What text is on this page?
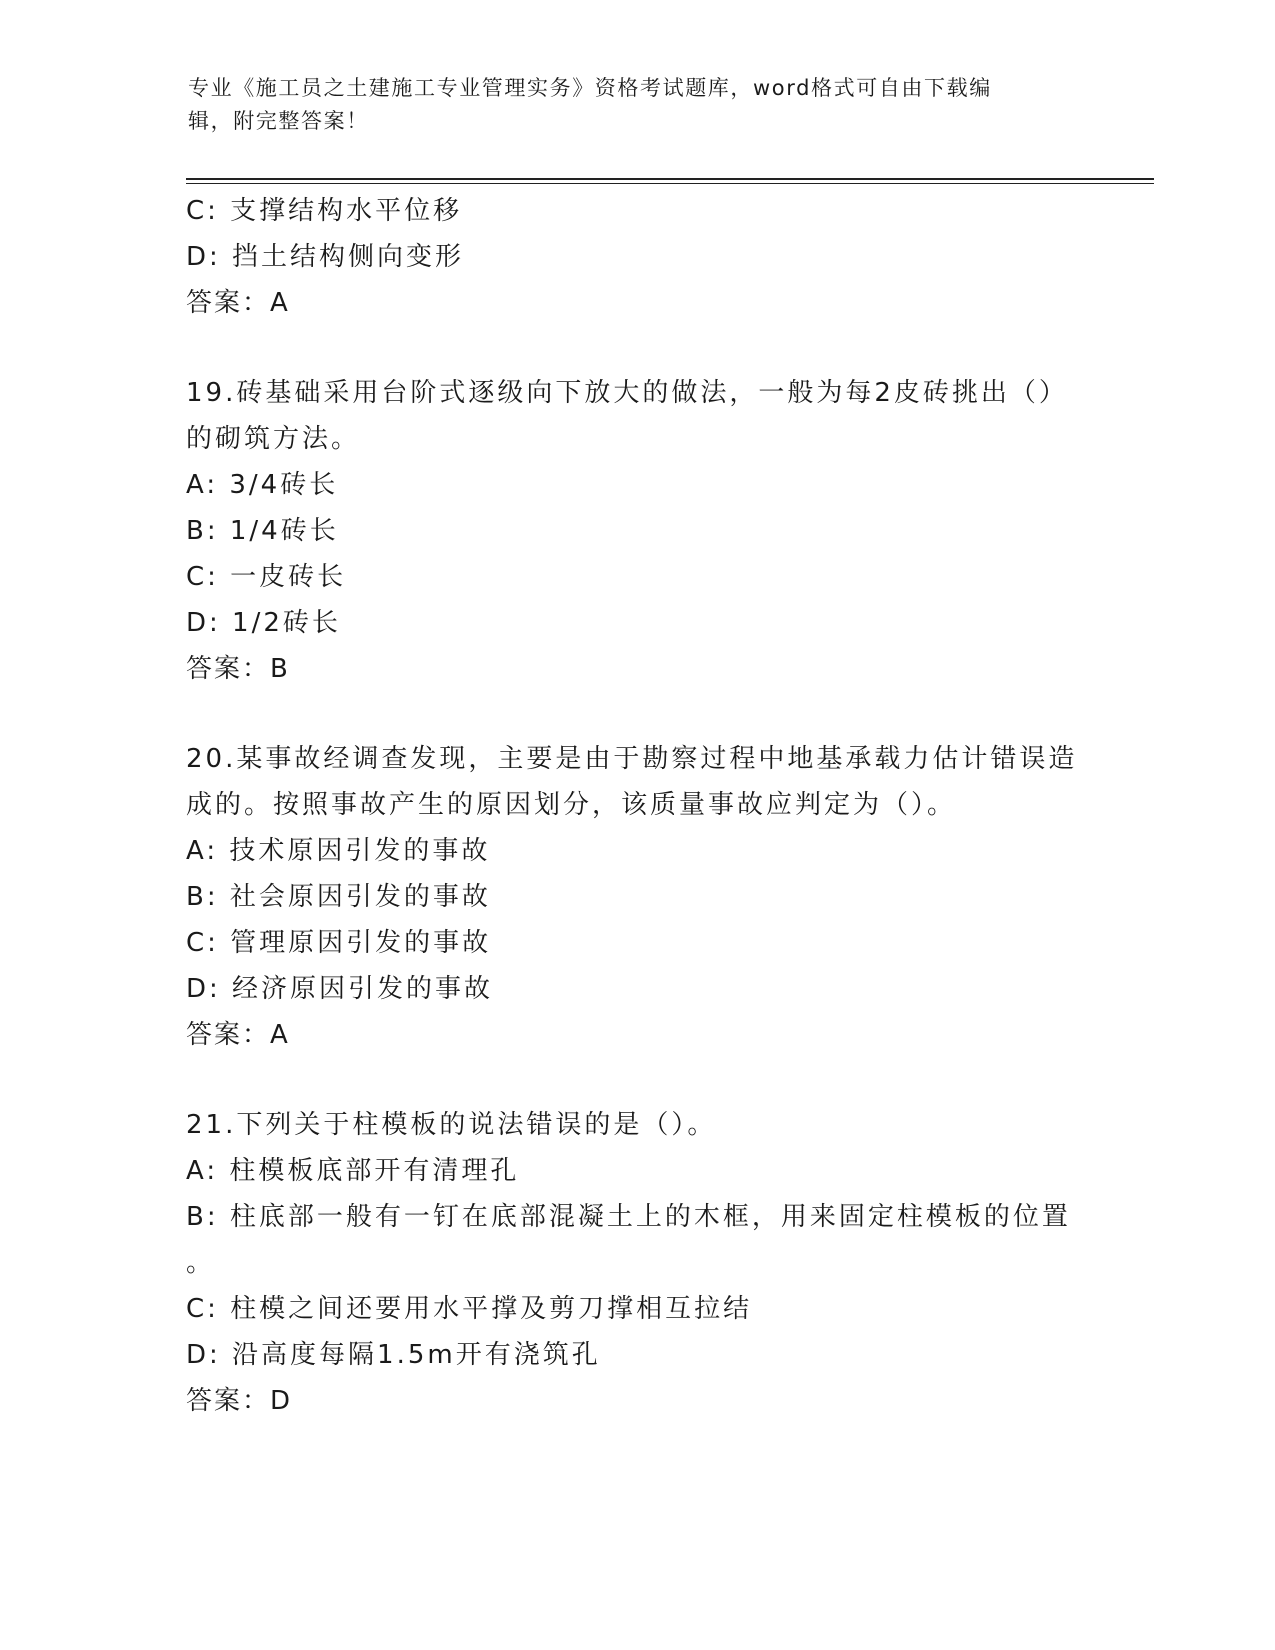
专业《施工员之土建施工专业管理实务》资格考试题库，word格式可自由下载编
辑，附完整答案！
C: 支撑结构水平位移
D: 挡土结构侧向变形
答案：A
19.砖基础采用台阶式逐级向下放大的做法，一般为每2皮砖挑出（）
的砌筑方法。
A: 3/4砖长
B: 1/4砖长
C: 一皮砖长
D: 1/2砖长
答案：B
20.某事故经调查发现，主要是由于勘察过程中地基承载力估计错误造
成的。按照事故产生的原因划分，该质量事故应判定为（）。
A: 技术原因引发的事故
B: 社会原因引发的事故
C: 管理原因引发的事故
D: 经济原因引发的事故
答案：A
21.下列关于柱模板的说法错误的是（）。
A: 柱模板底部开有清理孔
B: 柱底部一般有一钉在底部混凝土上的木框，用来固定柱模板的位置
。
C: 柱模之间还要用水平撑及剪刀撑相互拉结
D: 沿高度每隔1.5m开有浇筑孔
答案：D
